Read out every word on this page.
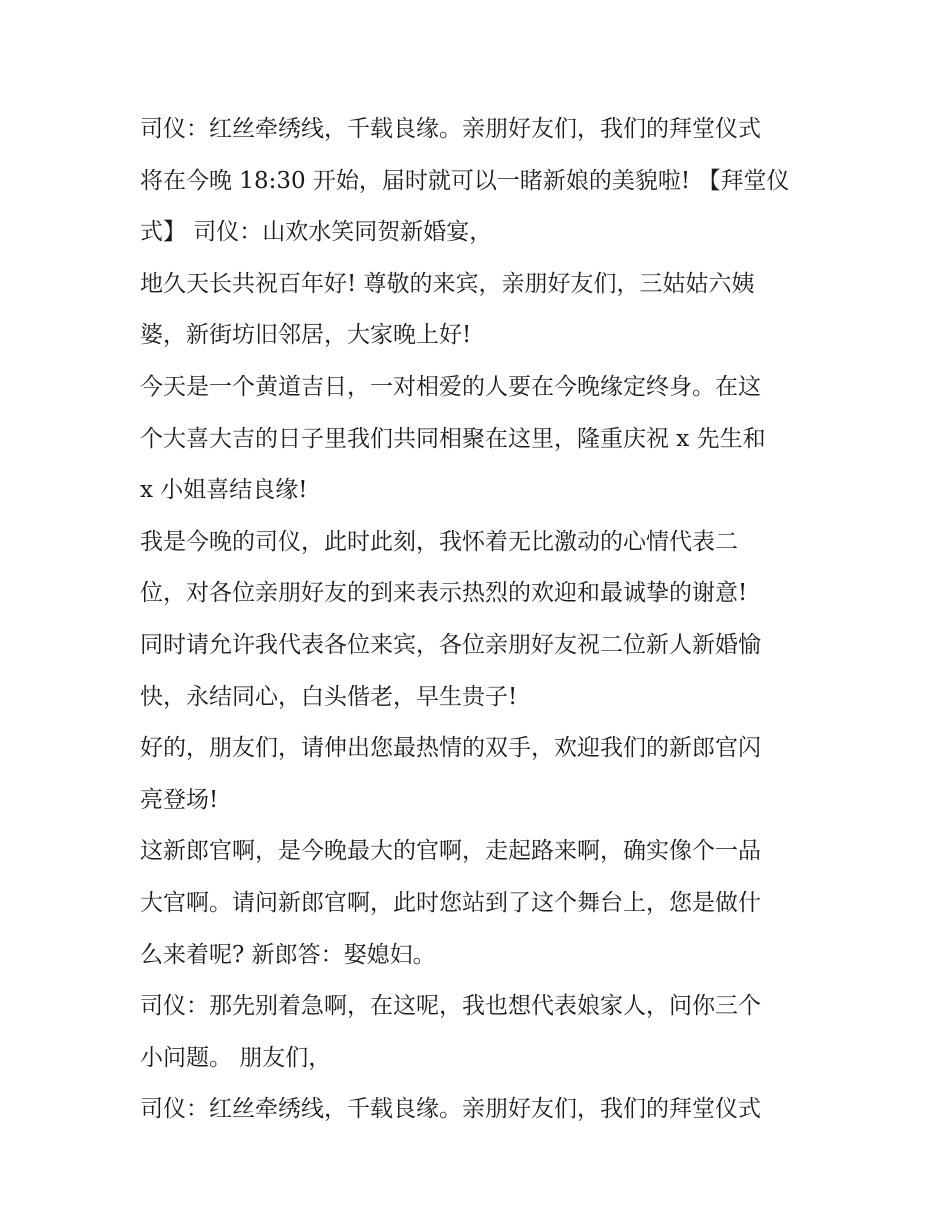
司仪：红丝牵绣线，千载良缘。亲朋好友们，我们的拜堂仪式
将在今晚 18:30 开始，届时就可以一睹新娘的美貌啦! 【拜堂仪
式】 司仪：山欢水笑同贺新婚宴，
地久天长共祝百年好! 尊敬的来宾，亲朋好友们，三姑姑六姨
婆，新街坊旧邻居，大家晚上好!
今天是一个黄道吉日，一对相爱的人要在今晚缘定终身。在这
个大喜大吉的日子里我们共同相聚在这里，隆重庆祝 x 先生和
x 小姐喜结良缘!
我是今晚的司仪，此时此刻，我怀着无比激动的心情代表二
位，对各位亲朋好友的到来表示热烈的欢迎和最诚挚的谢意!
同时请允许我代表各位来宾，各位亲朋好友祝二位新人新婚愉
快，永结同心，白头偕老，早生贵子!
好的，朋友们，请伸出您最热情的双手，欢迎我们的新郎官闪
亮登场!
这新郎官啊，是今晚最大的官啊，走起路来啊，确实像个一品
大官啊。请问新郎官啊，此时您站到了这个舞台上，您是做什
么来着呢? 新郎答：娶媳妇。
司仪：那先别着急啊，在这呢，我也想代表娘家人，问你三个
小问题。 朋友们，
司仪：红丝牵绣线，千载良缘。亲朋好友们，我们的拜堂仪式
